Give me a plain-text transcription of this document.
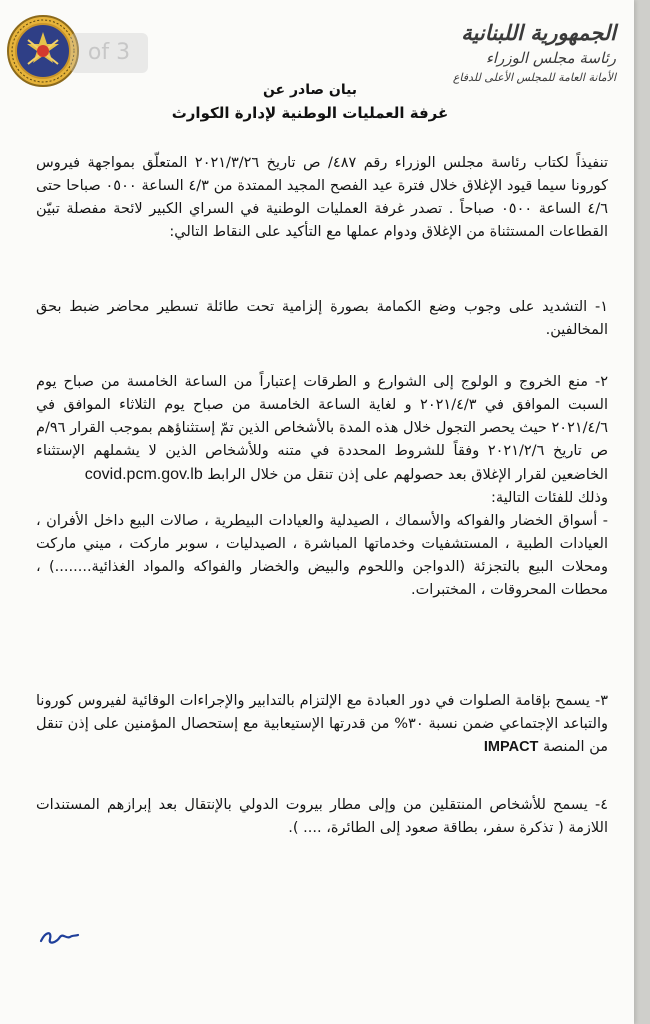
of 3
الجمهورية اللبنانية
رئاسة مجلس الوزراء
الأمانة العامة للمجلس الأعلى للدفاع
بيان صادر عن
غرفة العمليات الوطنية لإدارة الكوارث
تنفيذاً لكتاب رئاسة مجلس الوزراء رقم ٤٨٧/ ص تاريخ ٢٠٢١/٣/٢٦ المتعلّق بمواجهة فيروس كورونا سيما قيود الإغلاق خلال فترة عيد الفصح المجيد الممتدة من ٤/٣ الساعة ٠٥٠٠ صباحا حتى ٤/٦ الساعة ٠٥٠٠ صباحاً . تصدر غرفة العمليات الوطنية في السراي الكبير لائحة مفصلة تبيّن القطاعات المستثناة من الإغلاق ودوام عملها مع التأكيد على النقاط التالي:
١- التشديد على وجوب وضع الكمامة بصورة إلزامية تحت طائلة تسطير محاضر ضبط بحق المخالفين.
٢- منع الخروج و الولوج إلى الشوارع و الطرقات إعتباراً من الساعة الخامسة من صباح يوم السبت الموافق في ٢٠٢١/٤/٣ و لغاية الساعة الخامسة من صباح يوم الثلاثاء الموافق في ٢٠٢١/٤/٦ حيث يحصر التجول خلال هذه المدة بالأشخاص الذين تمّ إستثناؤهم بموجب القرار ٩٦/م ص تاريخ ٢٠٢١/٢/٦ وفقاً للشروط المحددة في متنه وللأشخاص الذين لا يشملهم الإستثناء الخاضعين لقرار الإغلاق بعد حصولهم على إذن تنقل من خلال الرابط covid.pcm.gov.lb
وذلك للفئات التالية:
- أسواق الخضار والفواكه والأسماك ، الصيدلية والعيادات البيطرية ، صالات البيع داخل الأفران ، العيادات الطبية ، المستشفيات وخدماتها المباشرة ، الصيدليات ، سوبر ماركت ، ميني ماركت ومحلات البيع بالتجزئة (الدواجن واللحوم والبيض والخضار والفواكه والمواد الغذائية........) ، محطات المحروقات ، المختبرات.
٣- يسمح بإقامة الصلوات في دور العبادة مع الإلتزام بالتدابير والإجراءات الوقائية لفيروس كورونا والتباعد الإجتماعي ضمن نسبة ٣٠% من قدرتها الإستيعابية مع إستحصال المؤمنين على إذن تنقل من المنصة IMPACT
٤- يسمح للأشخاص المنتقلين من وإلى مطار بيروت الدولي بالإنتقال بعد إبرازهم المستندات اللازمة ( تذكرة سفر، بطاقة صعود إلى الطائرة، .... ).
